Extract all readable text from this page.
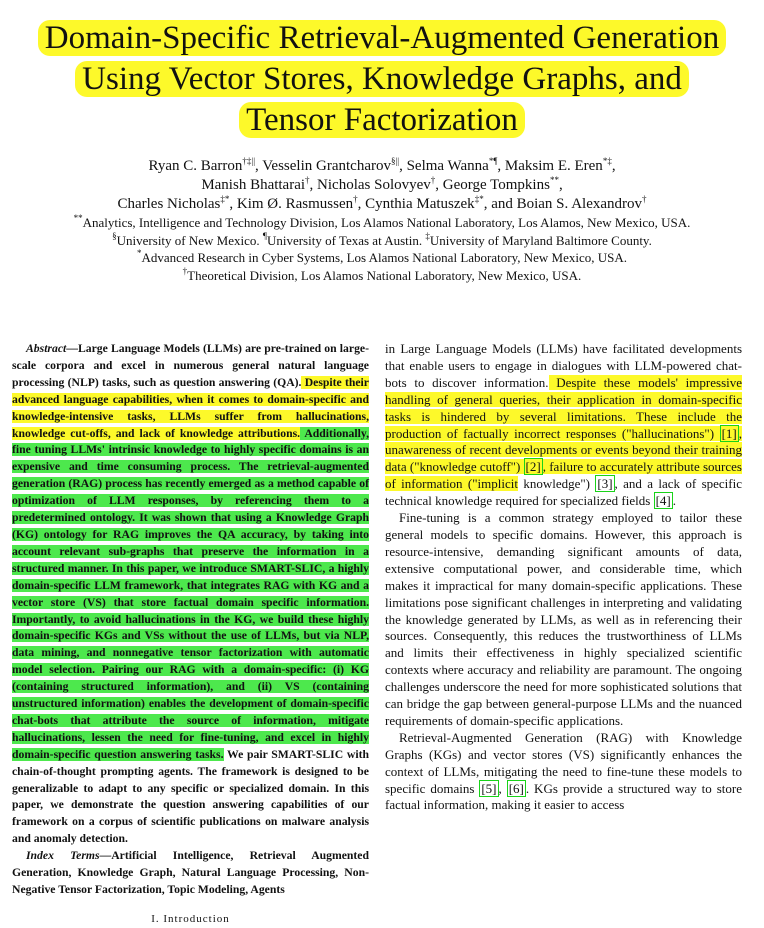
Domain-Specific Retrieval-Augmented Generation
Using Vector Stores, Knowledge Graphs, and
Tensor Factorization
Ryan C. Barron†‡||, Vesselin Grantcharov§||, Selma Wanna*¶, Maksim E. Eren*‡,
Manish Bhattarai†, Nicholas Solovyev†, George Tompkins**,
Charles Nicholas‡*, Kim Ø. Rasmussen†, Cynthia Matuszek‡*, and Boian S. Alexandrov†
**Analytics, Intelligence and Technology Division, Los Alamos National Laboratory, Los Alamos, New Mexico, USA.
§University of New Mexico. ¶University of Texas at Austin. ‡University of Maryland Baltimore County.
*Advanced Research in Cyber Systems, Los Alamos National Laboratory, New Mexico, USA.
†Theoretical Division, Los Alamos National Laboratory, New Mexico, USA.

Abstract—Large Language Models (LLMs) are pre-trained on large-scale corpora and excel in numerous general natural language processing (NLP) tasks, such as question answering (QA). Despite their advanced language capabilities, when it comes to domain-specific and knowledge-intensive tasks, LLMs suffer from hallucinations, knowledge cut-offs, and lack of knowledge attributions. Additionally, fine tuning LLMs' intrinsic knowledge to highly specific domains is an expensive and time consuming process. The retrieval-augmented generation (RAG) process has recently emerged as a method capable of optimization of LLM responses, by referencing them to a predetermined ontology. It was shown that using a Knowledge Graph (KG) ontology for RAG improves the QA accuracy, by taking into account relevant sub-graphs that preserve the information in a structured manner. In this paper, we introduce SMART-SLIC, a highly domain-specific LLM framework, that integrates RAG with KG and a vector store (VS) that store factual domain specific information. Importantly, to avoid hallucinations in the KG, we build these highly domain-specific KGs and VSs without the use of LLMs, but via NLP, data mining, and nonnegative tensor factorization with automatic model selection. Pairing our RAG with a domain-specific: (i) KG (containing structured information), and (ii) VS (containing unstructured information) enables the development of domain-specific chat-bots that attribute the source of information, mitigate hallucinations, lessen the need for fine-tuning, and excel in highly domain-specific question answering tasks. We pair SMART-SLIC with chain-of-thought prompting agents. The framework is designed to be generalizable to adapt to any specific or specialized domain. In this paper, we demonstrate the question answering capabilities of our framework on a corpus of scientific publications on malware analysis and anomaly detection.

Index Terms—Artificial Intelligence, Retrieval Augmented Generation, Knowledge Graph, Natural Language Processing, Non-Negative Tensor Factorization, Topic Modeling, Agents

I. Introduction

in Large Language Models (LLMs) have facilitated developments that enable users to engage in dialogues with LLM-powered chat-bots to discover information. Despite these models' impressive handling of general queries, their application in domain-specific tasks is hindered by several limitations. These include the production of factually incorrect responses ("hallucinations") [1] , unawareness of recent developments or events beyond their training data ("knowledge cutoff") [2] , failure to accurately attribute sources of information ("implicit knowledge") [3] , and a lack of specific technical knowledge required for specialized fields [4] .

Fine-tuning is a common strategy employed to tailor these general models to specific domains. However, this approach is resource-intensive, demanding significant amounts of data, extensive computational power, and considerable time, which makes it impractical for many domain-specific applications. These limitations pose significant challenges in interpreting and validating the knowledge generated by LLMs, as well as in referencing their sources. Consequently, this reduces the trustworthiness of LLMs and limits their effectiveness in highly specialized scientific contexts where accuracy and reliability are paramount. The ongoing challenges underscore the need for more sophisticated solutions that can bridge the gap between general-purpose LLMs and the nuanced requirements of domain-specific applications.

Retrieval-Augmented Generation (RAG) with Knowledge Graphs (KGs) and vector stores (VS) significantly enhances the context of LLMs, mitigating the need to fine-tune these models to specific domains [5] , [6] . KGs provide a structured way to store factual information, making it easier to access
